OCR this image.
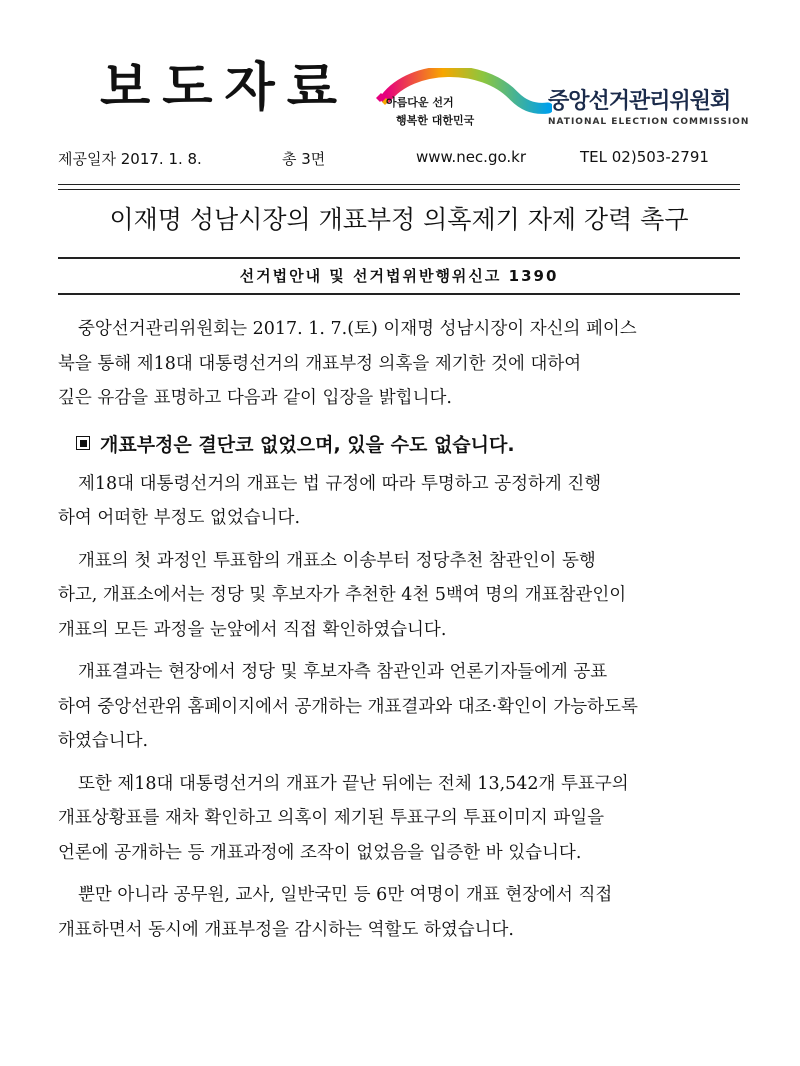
보도자료	아름다운 선거
행복한 대한민국
중앙선거관리위원회
NATIONAL ELECTION COMMISSION
제공일자 2017. 1. 8.	총 3면	www.nec.go.kr	TEL 02)503-2791
이재명 성남시장의 개표부정 의혹제기 자제 강력 촉구
선거법안내 및 선거법위반행위신고 1390
중앙선거관리위원회는 2017. 1. 7.(토) 이재명 성남시장이 자신의 페이스
북을 통해 제18대 대통령선거의 개표부정 의혹을 제기한 것에 대하여
깊은 유감을 표명하고 다음과 같이 입장을 밝힙니다.
개표부정은 결단코 없었으며, 있을 수도 없습니다.
제18대 대통령선거의 개표는 법 규정에 따라 투명하고 공정하게 진행
하여 어떠한 부정도 없었습니다.
개표의 첫 과정인 투표함의 개표소 이송부터 정당추천 참관인이 동행
하고, 개표소에서는 정당 및 후보자가 추천한 4천 5백여 명의 개표참관인이
개표의 모든 과정을 눈앞에서 직접 확인하였습니다.
개표결과는 현장에서 정당 및 후보자측 참관인과 언론기자들에게 공표
하여 중앙선관위 홈페이지에서 공개하는 개표결과와 대조·확인이 가능하도록
하였습니다.
또한 제18대 대통령선거의 개표가 끝난 뒤에는 전체 13,542개 투표구의
개표상황표를 재차 확인하고 의혹이 제기된 투표구의 투표이미지 파일을
언론에 공개하는 등 개표과정에 조작이 없었음을 입증한 바 있습니다.
뿐만 아니라 공무원, 교사, 일반국민 등 6만 여명이 개표 현장에서 직접
개표하면서 동시에 개표부정을 감시하는 역할도 하였습니다.
